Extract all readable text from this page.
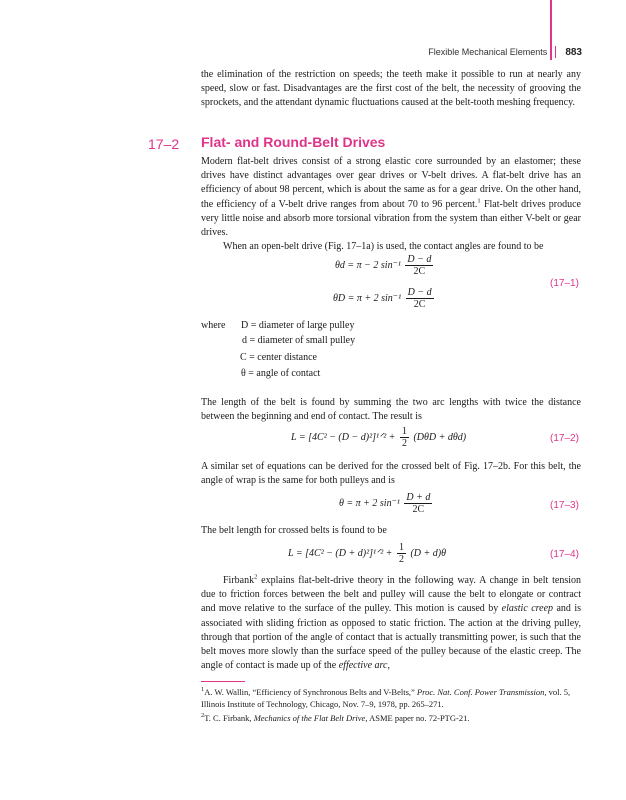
Flexible Mechanical Elements 883

the elimination of the restriction on speeds; the teeth make it possible to run at nearly any speed, slow or fast. Disadvantages are the first cost of the belt, the necessity of grooving the sprockets, and the attendant dynamic fluctuations caused at the belt-tooth meshing frequency.

17–2 Flat- and Round-Belt Drives

Modern flat-belt drives consist of a strong elastic core surrounded by an elastomer; these drives have distinct advantages over gear drives or V-belt drives. A flat-belt drive has an efficiency of about 98 percent, which is about the same as for a gear drive. On the other hand, the efficiency of a V-belt drive ranges from about 70 to 96 percent.$^1$ Flat-belt drives produce very little noise and absorb more torsional vibration from the system than either V-belt or gear drives.

When an open-belt drive (Fig. 17–1a) is used, the contact angles are found to be

θd = π − 2 $\sin^{-1} \frac{D - d}{2C}$
θD = π + 2 $\sin^{-1} \frac{D - d}{2C}$
(17–1)
where D = diameter of large pulley
d = diameter of small pulley
C = center distance
θ = angle of contact

The length of the belt is found by summing the two arc lengths with twice the distance between the beginning and end of contact. The result is

L = [4C² − (D − d)²]¹ᐟ² + $\frac{1}{2} (D\theta D + d\theta d)$	(17–2)

A similar set of equations can be derived for the crossed belt of Fig. 17–2b. For this belt, the angle of wrap is the same for both pulleys and is

θ = π + 2 $\sin^{-1} \frac{D + d}{2C}$	(17–3)

The belt length for crossed belts is found to be

L = [4C² − (D + d)²]¹ᐟ² + $\frac{1}{2} (D + d)\theta$	(17–4)

Firbank$^2$ explains flat-belt-drive theory in the following way. A change in belt tension due to friction forces between the belt and pulley will cause the belt to elongate or contract and move relative to the surface of the pulley. This motion is caused by elastic creep and is associated with sliding friction as opposed to static friction. The action at the driving pulley, through that portion of the angle of contact that is actually transmitting power, is such that the belt moves more slowly than the surface speed of the pulley because of the elastic creep. The angle of contact is made up of the effective arc,

$^1$A. W. Wallin, “Efficiency of Synchronous Belts and V-Belts,” Proc. Nat. Conf. Power Transmission, vol. 5, Illinois Institute of Technology, Chicago, Nov. 7–9, 1978, pp. 265–271.
$^2$T. C. Firbank, Mechanics of the Flat Belt Drive, ASME paper no. 72-PTG-21.
